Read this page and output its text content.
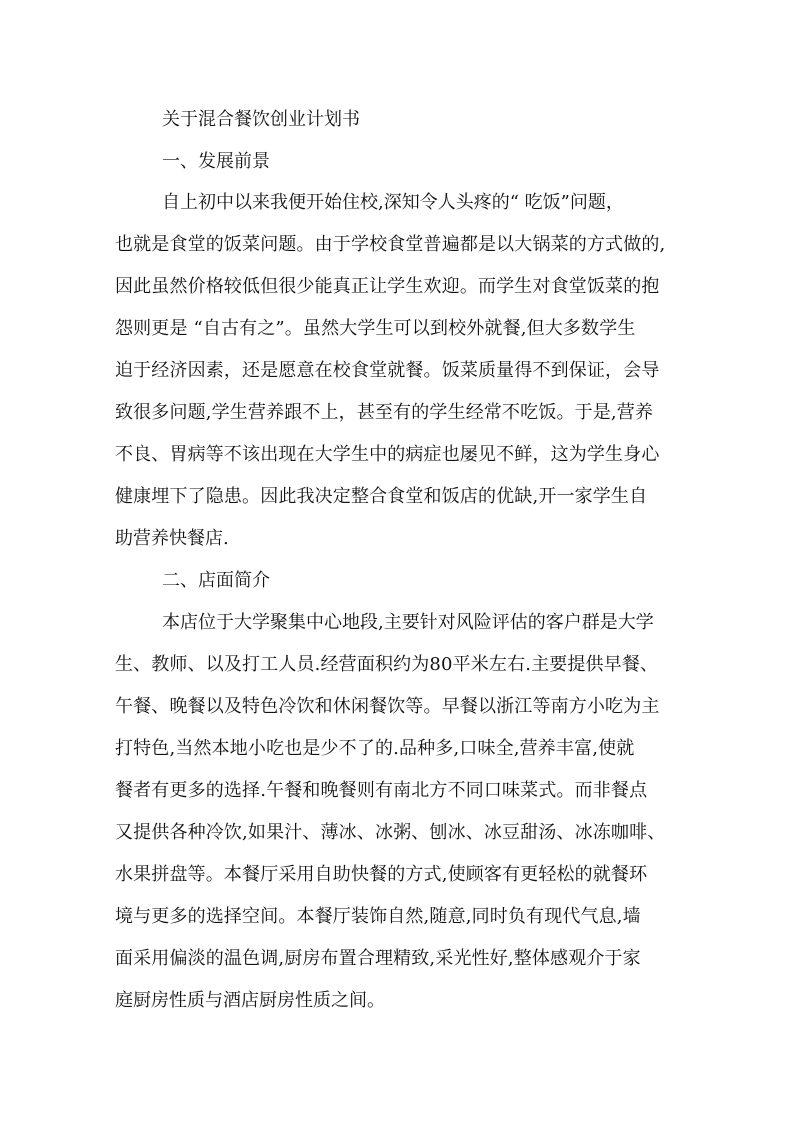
关于混合餐饮创业计划书
一、发展前景
自上初中以来我便开始住校,深知令人头疼的“ 吃饭”问题，
也就是食堂的饭菜问题。由于学校食堂普遍都是以大锅菜的方式做的,
因此虽然价格较低但很少能真正让学生欢迎。而学生对食堂饭菜的抱
怨则更是 “自古有之”。虽然大学生可以到校外就餐,但大多数学生
迫于经济因素，还是愿意在校食堂就餐。饭菜质量得不到保证，会导
致很多问题,学生营养跟不上，甚至有的学生经常不吃饭。于是,营养
不良、胃病等不该出现在大学生中的病症也屡见不鲜，这为学生身心
健康埋下了隐患。因此我决定整合食堂和饭店的优缺,开一家学生自
助营养快餐店.
二、店面简介
本店位于大学聚集中心地段,主要针对风险评估的客户群是大学
生、教师、以及打工人员.经营面积约为80平米左右.主要提供早餐、
午餐、晚餐以及特色冷饮和休闲餐饮等。早餐以浙江等南方小吃为主
打特色,当然本地小吃也是少不了的.品种多,口味全,营养丰富,使就
餐者有更多的选择.午餐和晚餐则有南北方不同口味菜式。而非餐点
又提供各种冷饮,如果汁、薄冰、冰粥、刨冰、冰豆甜汤、冰冻咖啡、
水果拼盘等。本餐厅采用自助快餐的方式,使顾客有更轻松的就餐环
境与更多的选择空间。本餐厅装饰自然,随意,同时负有现代气息,墙
面采用偏淡的温色调,厨房布置合理精致,采光性好,整体感观介于家
庭厨房性质与酒店厨房性质之间。
